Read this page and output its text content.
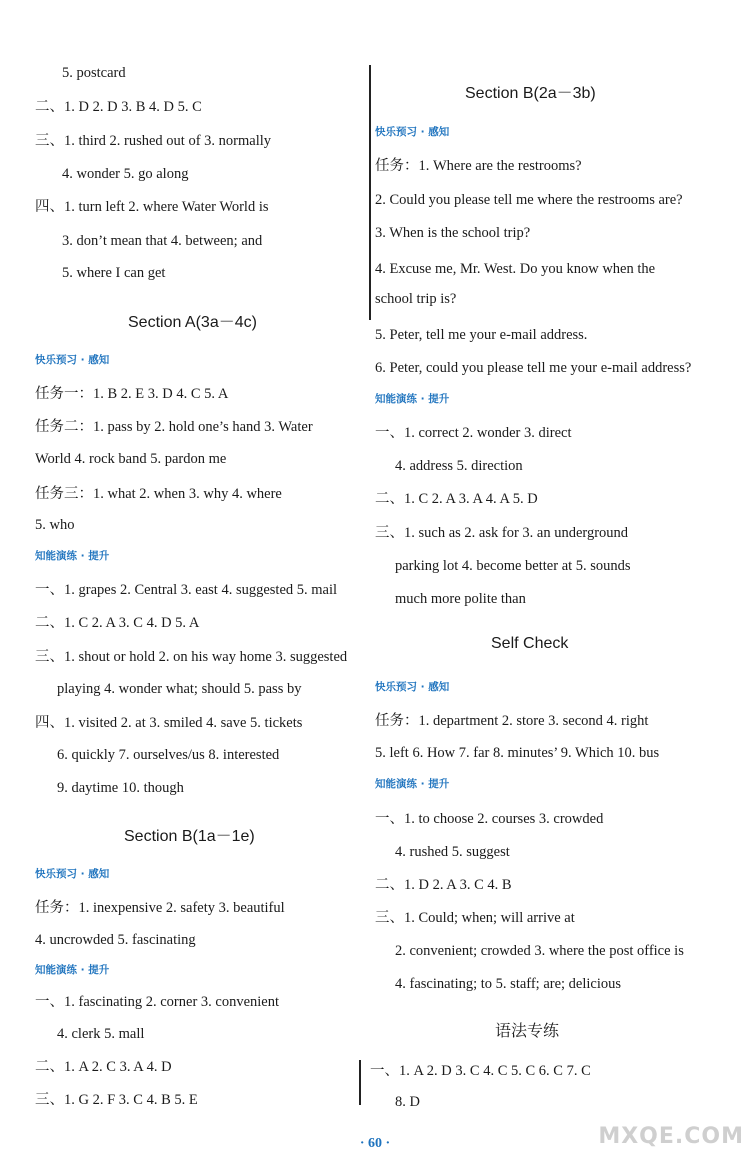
5. postcard
二、1. D 2. D 3. B 4. D 5. C
三、1. third 2. rushed out of 3. normally
4. wonder 5. go along
四、1. turn left 2. where Water World is
3. don’t mean that 4. between; and
5. where I can get
Section A(3a－4c)
快乐预习 · 感知
任务一：1. B 2. E 3. D 4. C 5. A
任务二：1. pass by 2. hold one’s hand 3. Water
World 4. rock band 5. pardon me
任务三：1. what 2. when 3. why 4. where
5. who
知能演练 · 提升
一、1. grapes 2. Central 3. east 4. suggested 5. mail
二、1. C 2. A 3. C 4. D 5. A
三、1. shout or hold 2. on his way home 3. suggested
playing 4. wonder what; should 5. pass by
四、1. visited 2. at 3. smiled 4. save 5. tickets
6. quickly 7. ourselves/us 8. interested
9. daytime 10. though
Section B(1a－1e)
快乐预习 · 感知
任务：1. inexpensive 2. safety 3. beautiful
4. uncrowded 5. fascinating
知能演练 · 提升
一、1. fascinating 2. corner 3. convenient
4. clerk 5. mall
二、1. A 2. C 3. A 4. D
三、1. G 2. F 3. C 4. B 5. E
Section B(2a－3b)
快乐预习 · 感知
任务：1. Where are the restrooms?
2. Could you please tell me where the restrooms are?
3. When is the school trip?
4. Excuse me, Mr. West. Do you know when the
school trip is?
5. Peter, tell me your e-mail address.
6. Peter, could you please tell me your e-mail address?
知能演练 · 提升
一、1. correct 2. wonder 3. direct
4. address 5. direction
二、1. C 2. A 3. A 4. A 5. D
三、1. such as 2. ask for 3. an underground
parking lot 4. become better at 5. sounds
much more polite than
Self Check
快乐预习 · 感知
任务：1. department 2. store 3. second 4. right
5. left 6. How 7. far 8. minutes’ 9. Which 10. bus
知能演练 · 提升
一、1. to choose 2. courses 3. crowded
4. rushed 5. suggest
二、1. D 2. A 3. C 4. B
三、1. Could; when; will arrive at
2. convenient; crowded 3. where the post office is
4. fascinating; to 5. staff; are; delicious
语法专练
一、1. A 2. D 3. C 4. C 5. C 6. C 7. C
8. D
· 60 ·	MXQE.COM
